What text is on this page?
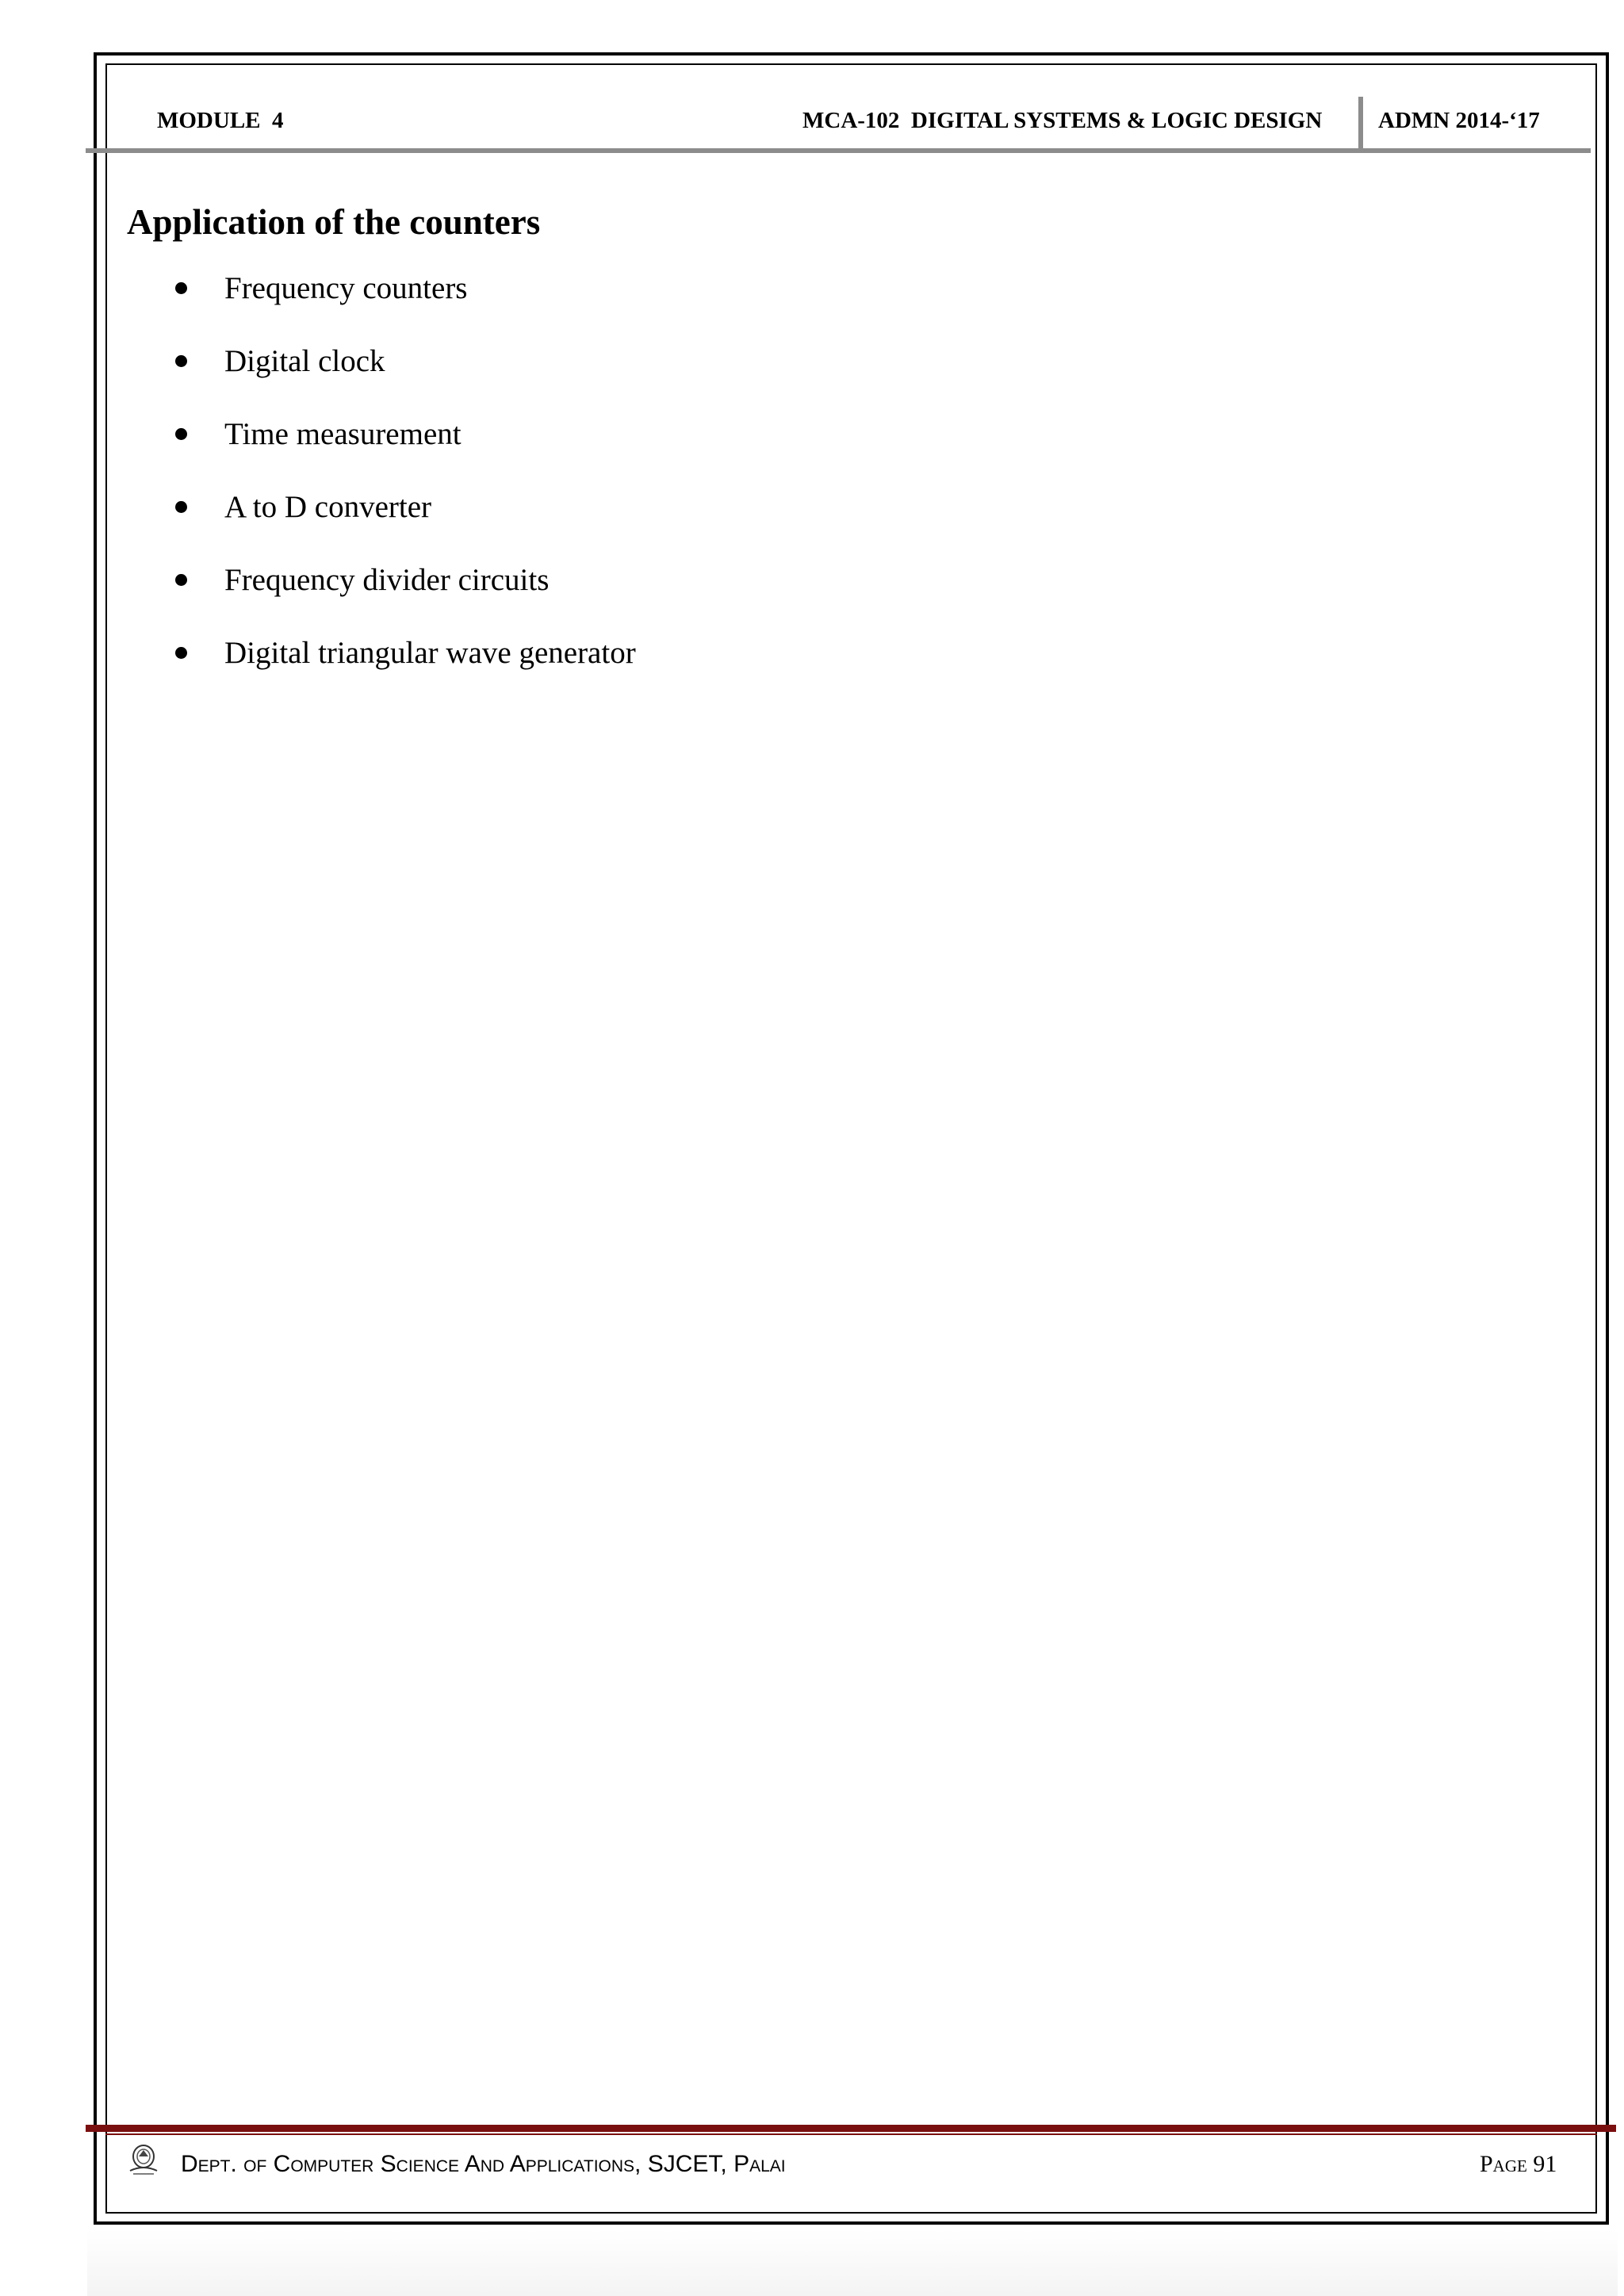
MODULE  4	MCA-102  DIGITAL SYSTEMS & LOGIC DESIGN ADMN 2014-‘17
Application of the counters
Frequency counters
Digital clock
Time measurement
A to D converter
Frequency divider circuits
Digital triangular wave generator
Dept. of Computer Science And Applications, SJCET, Palai	Page 91
